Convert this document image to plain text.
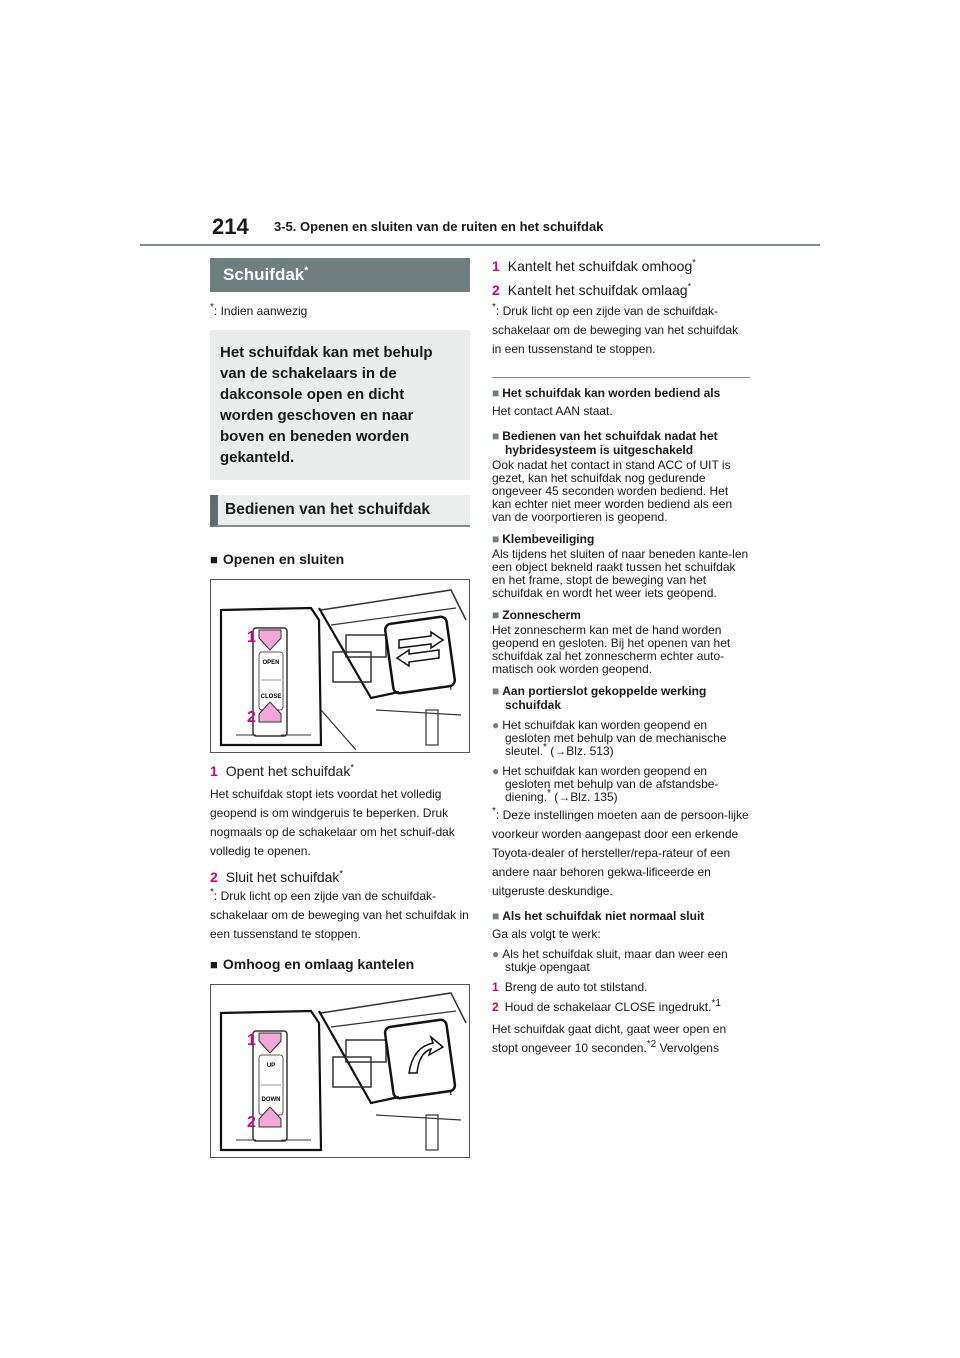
214 3-5. Openen en sluiten van de ruiten en het schuifdak
Schuifdak*
*: Indien aanwezig
Het schuifdak kan met behulp van de schakelaars in de dakconsole open en dicht worden geschoven en naar boven en beneden worden gekanteld.
Bedienen van het schuifdak
■ Openen en sluiten
OPEN
CLOSE
1
2
1 Opent het schuifdak*
Het schuifdak stopt iets voordat het volledig geopend is om windgeruis te beperken. Druk nogmaals op de schakelaar om het schuif-dak volledig te openen.
2 Sluit het schuifdak*
*: Druk licht op een zijde van de schuifdak-schakelaar om de beweging van het schuifdak in een tussenstand te stoppen.
■ Omhoog en omlaag kantelen
UP
DOWN
1
2
1 Kantelt het schuifdak omhoog*
2 Kantelt het schuifdak omlaag*
*: Druk licht op een zijde van de schuifdak-schakelaar om de beweging van het schuifdak in een tussenstand te stoppen.
■ Het schuifdak kan worden bediend als
Het contact AAN staat.
■ Bedienen van het schuifdak nadat het hybridesysteem is uitgeschakeld
Ook nadat het contact in stand ACC of UIT is gezet, kan het schuifdak nog gedurende ongeveer 45 seconden worden bediend. Het kan echter niet meer worden bediend als een van de voorportieren is geopend.
■ Klembeveiliging
Als tijdens het sluiten of naar beneden kante-len een object bekneld raakt tussen het schuifdak en het frame, stopt de beweging van het schuifdak en wordt het weer iets geopend.
■ Zonnescherm
Het zonnescherm kan met de hand worden geopend en gesloten. Bij het openen van het schuifdak zal het zonnescherm echter auto-matisch ook worden geopend.
■ Aan portierslot gekoppelde werking schuifdak
● Het schuifdak kan worden geopend en gesloten met behulp van de mechanische sleutel.* (→Blz. 513)
● Het schuifdak kan worden geopend en gesloten met behulp van de afstandsbe-diening.* (→Blz. 135)
*: Deze instellingen moeten aan de persoon-lijke voorkeur worden aangepast door een erkende Toyota-dealer of hersteller/repa-rateur of een andere naar behoren gekwa-lificeerde en uitgeruste deskundige.
■ Als het schuifdak niet normaal sluit
Ga als volgt te werk:
● Als het schuifdak sluit, maar dan weer een stukje opengaat
1 Breng de auto tot stilstand.
2 Houd de schakelaar CLOSE ingedrukt.$^{*1}$
Het schuifdak gaat dicht, gaat weer open en stopt ongeveer 10 seconden.$^{*2}$ Vervolgens
